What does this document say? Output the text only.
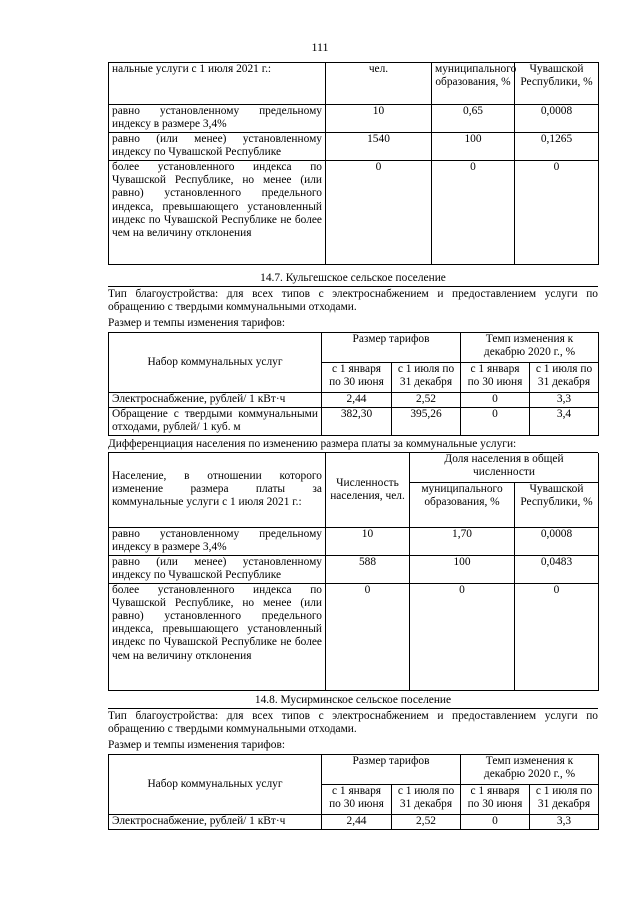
111
нальные услуги с 1 июля 2021 г.:	чел.	муниципального образования, %	Чувашской Республики, %
равно установленному предельному индексу в размере 3,4%	10	0,65	0,0008
равно (или менее) установленному индексу по Чувашской Республике	1540	100	0,1265
более установленного индекса по Чувашской Республике, но менее (или равно) установленного предельного индекса, превышающего установленный индекс по Чувашской Республике не более чем на величину отклонения	0	0	0
14.7. Кульгешское сельское поселение
Тип благоустройства: для всех типов с электроснабжением и предоставлением услуги по обращению с твердыми коммунальными отходами.
Размер и темпы изменения тарифов:
Набор коммунальных услуг	Размер тарифов		Темп изменения к декабрю 2020 г., %	
	с 1 января по 30 июня	с 1 июля по 31 декабря	с 1 января по 30 июня	с 1 июля по 31 декабря
Электроснабжение, рублей/ 1 кВт·ч	2,44	2,52	0	3,3
Обращение с твердыми коммунальными отходами, рублей/ 1 куб. м	382,30	395,26	0	3,4
Дифференциация населения по изменению размера платы за коммунальные услуги:
Население, в отношении которого изменение размера платы за коммунальные услуги с 1 июля 2021 г.:	Численность населения, чел.	Доля населения в общей численности	
		муниципального образования, %	Чувашской Республики, %
равно установленному предельному индексу в размере 3,4%	10	1,70	0,0008
равно (или менее) установленному индексу по Чувашской Республике	588	100	0,0483
более установленного индекса по Чувашской Республике, но менее (или равно) установленного предельного индекса, превышающего установленный индекс по Чувашской Республике не более чем на величину отклонения	0	0	0
14.8. Мусирминское сельское поселение
Тип благоустройства: для всех типов с электроснабжением и предоставлением услуги по обращению с твердыми коммунальными отходами.
Размер и темпы изменения тарифов:
Набор коммунальных услуг	Размер тарифов		Темп изменения к декабрю 2020 г., %	
	с 1 января по 30 июня	с 1 июля по 31 декабря	с 1 января по 30 июня	с 1 июля по 31 декабря
Электроснабжение, рублей/ 1 кВт·ч	2,44	2,52	0	3,3
